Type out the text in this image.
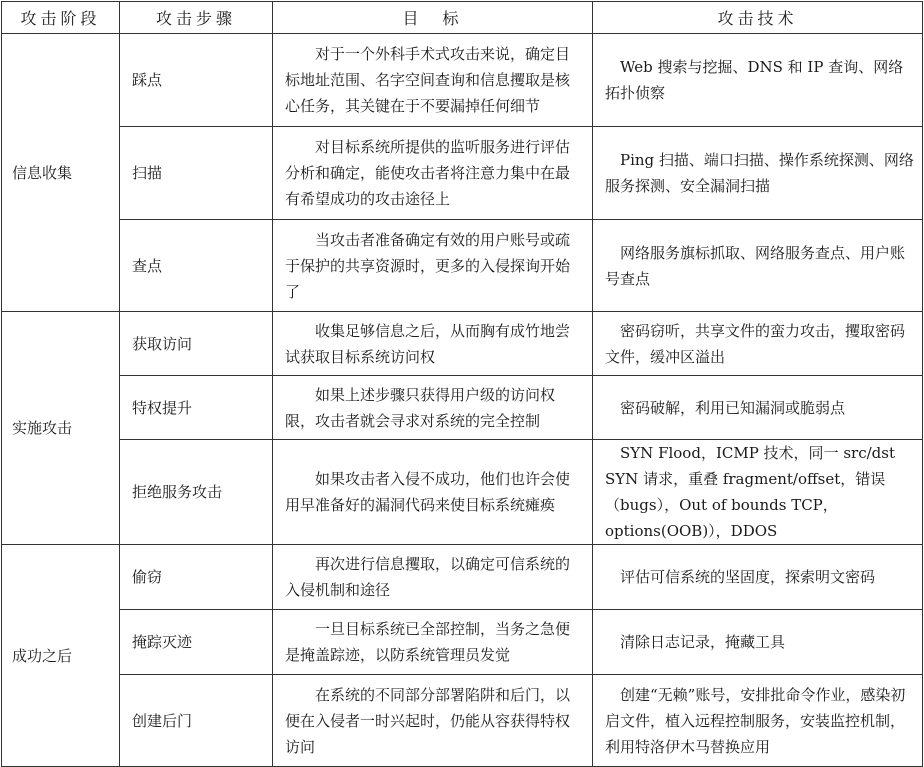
攻击阶段	攻击步骤	目　标	攻击技术
信息收集	踩点	对于一个外科手术式攻击来说，确定目标地址范围、名字空间查询和信息攫取是核心任务，其关键在于不要漏掉任何细节	Web 搜索与挖掘、DNS 和 IP 查询、网络拓扑侦察
	扫描	对目标系统所提供的监听服务进行评估分析和确定，能使攻击者将注意力集中在最有希望成功的攻击途径上	Ping 扫描、端口扫描、操作系统探测、网络服务探测、安全漏洞扫描
	查点	当攻击者准备确定有效的用户账号或疏于保护的共享资源时，更多的入侵探询开始了	网络服务旗标抓取、网络服务查点、用户账号查点
实施攻击	获取访问	收集足够信息之后，从而胸有成竹地尝试获取目标系统访问权	密码窃听，共享文件的蛮力攻击，攫取密码文件，缓冲区溢出
	特权提升	如果上述步骤只获得用户级的访问权限，攻击者就会寻求对系统的完全控制	密码破解，利用已知漏洞或脆弱点
	拒绝服务攻击	如果攻击者入侵不成功，他们也许会使用早准备好的漏洞代码来使目标系统瘫痪	SYN Flood，ICMP 技术，同一 src/dst SYN 请求，重叠 fragment/offset，错误（bugs），Out of bounds TCP，options(OOB)），DDOS
成功之后	偷窃	再次进行信息攫取，以确定可信系统的入侵机制和途径	评估可信系统的坚固度，探索明文密码
	掩踪灭迹	一旦目标系统已全部控制，当务之急便是掩盖踪迹，以防系统管理员发觉	清除日志记录，掩藏工具
	创建后门	在系统的不同部分部署陷阱和后门，以便在入侵者一时兴起时，仍能从容获得特权访问	创建“无赖”账号，安排批命令作业，感染初启文件，植入远程控制服务，安装监控机制，利用特洛伊木马替换应用
